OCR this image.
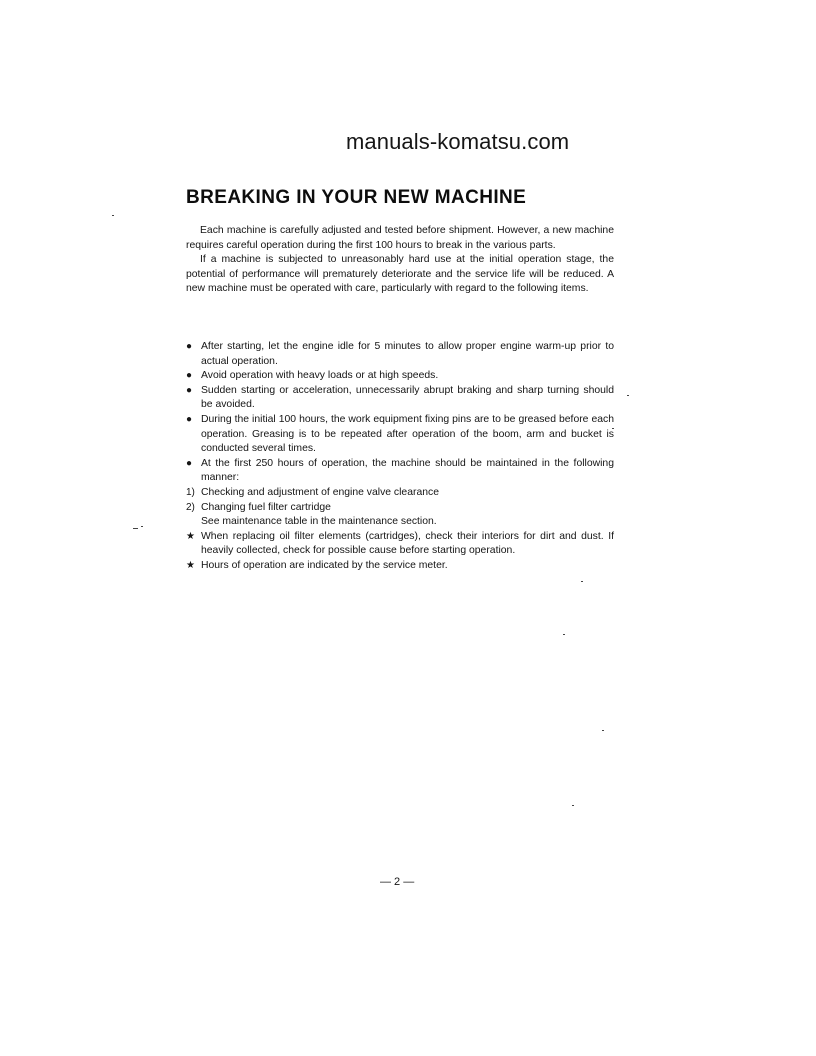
manuals-komatsu.com
BREAKING IN YOUR NEW MACHINE

Each machine is carefully adjusted and tested before shipment. However, a new machine requires careful operation during the first 100 hours to break in the various parts.

If a machine is subjected to unreasonably hard use at the initial operation stage, the potential of performance will prematurely deteriorate and the service life will be reduced. A new machine must be operated with care, particularly with regard to the following items.

● After starting, let the engine idle for 5 minutes to allow proper engine warm-up prior to actual operation.
● Avoid operation with heavy loads or at high speeds.
● Sudden starting or acceleration, unnecessarily abrupt braking and sharp turning should be avoided.
● During the initial 100 hours, the work equipment fixing pins are to be greased before each operation. Greasing is to be repeated after operation of the boom, arm and bucket is conducted several times.
● At the first 250 hours of operation, the machine should be maintained in the following manner:
1) Checking and adjustment of engine valve clearance
2) Changing fuel filter cartridge
See maintenance table in the maintenance section.
★ When replacing oil filter elements (cartridges), check their interiors for dirt and dust. If heavily collected, check for possible cause before starting operation.
★ Hours of operation are indicated by the service meter.
— 2 —
